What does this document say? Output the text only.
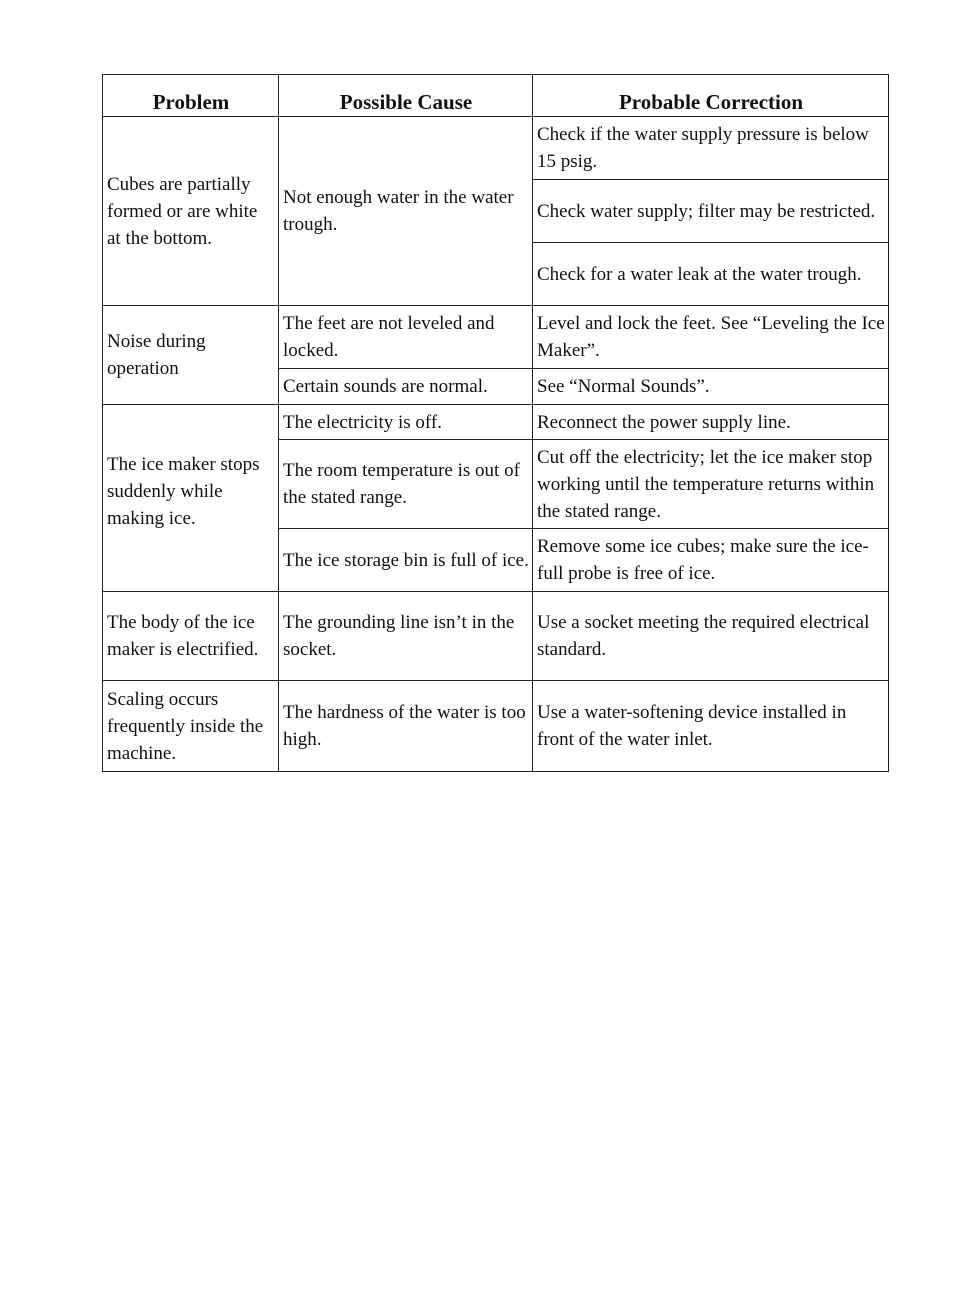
Problem	Possible Cause	Probable Correction
Cubes are partially formed or are white at the bottom.	Not enough water in the water trough.	Check if the water supply pressure is below 15 psig.
		Check water supply; filter may be restricted.
		Check for a water leak at the water trough.
Noise during operation	The feet are not leveled and locked.	Level and lock the feet. See “Leveling the Ice Maker”.
	Certain sounds are normal.	See “Normal Sounds”.
The ice maker stops suddenly while making ice.	The electricity is off.	Reconnect the power supply line.
	The room temperature is out of the stated range.	Cut off the electricity; let the ice maker stop working until the temperature returns within the stated range.
	The ice storage bin is full of ice.	Remove some ice cubes; make sure the ice-full probe is free of ice.
The body of the ice maker is electrified.	The grounding line isn’t in the socket.	Use a socket meeting the required electrical standard.
Scaling occurs frequently inside the machine.	The hardness of the water is too high.	Use a water-softening device installed in front of the water inlet.
